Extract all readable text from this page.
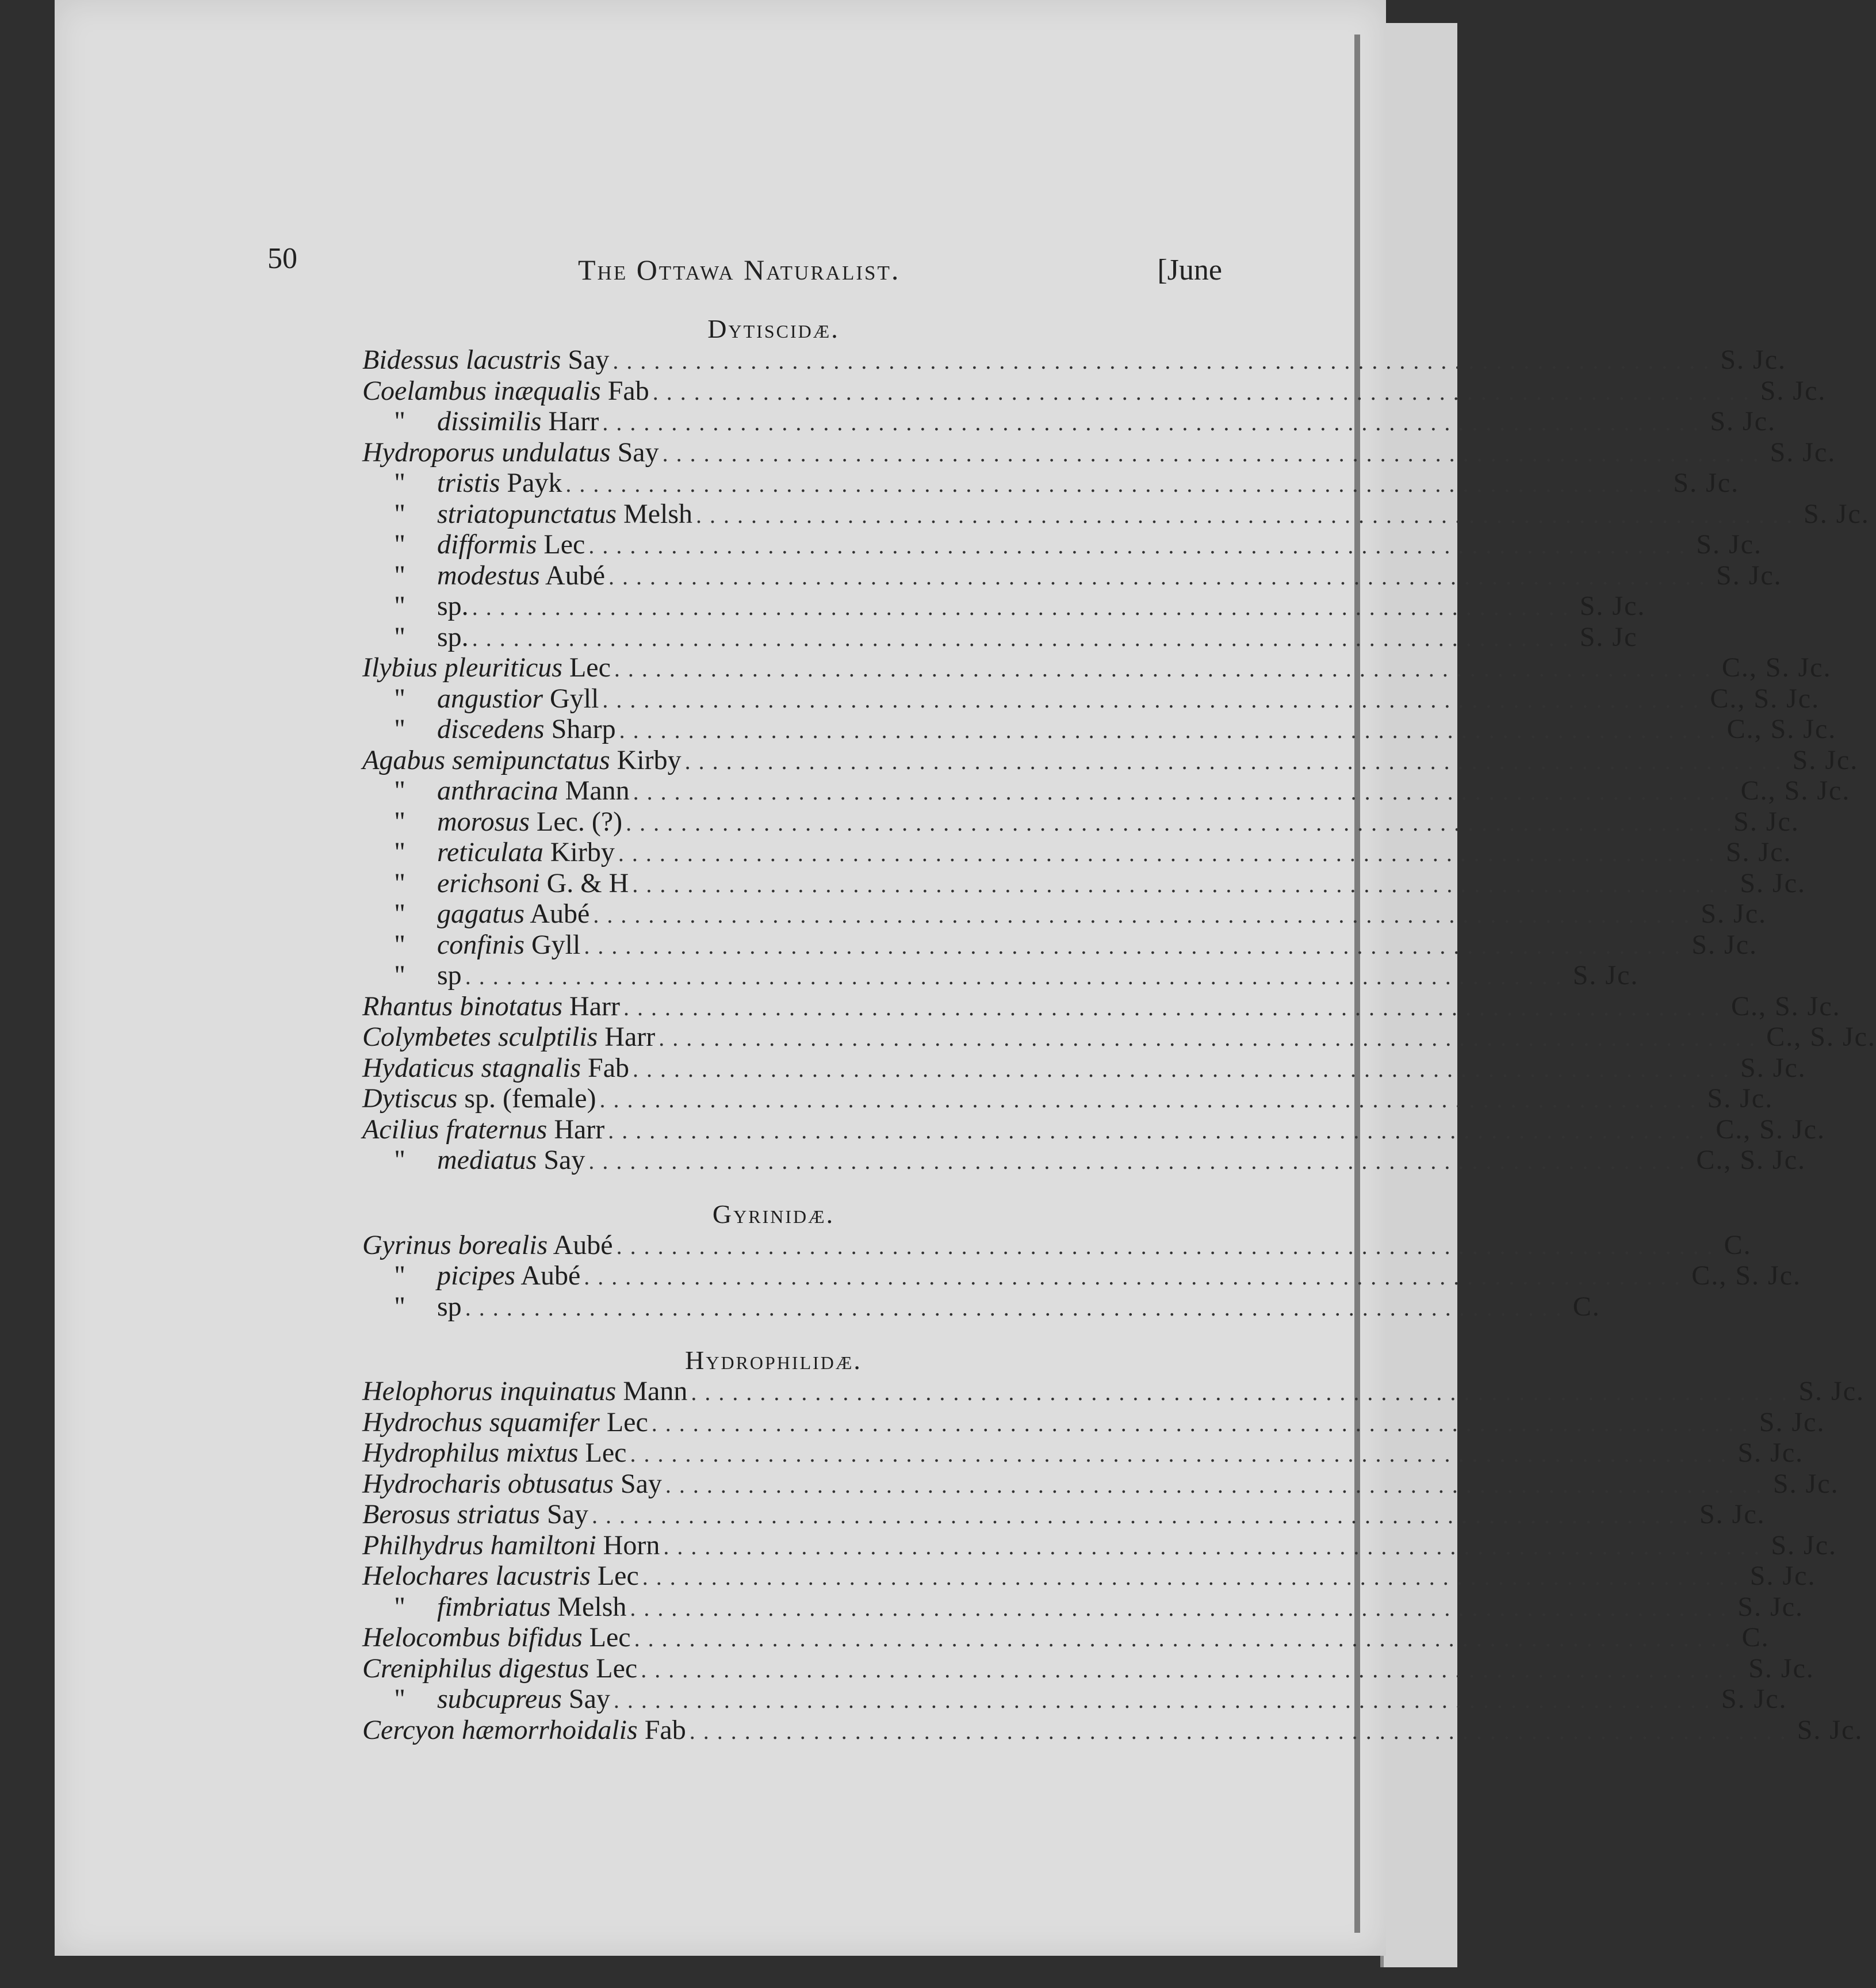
50	The Ottawa Naturalist.	[June
Dytiscidæ.
Bidessus lacustris Say ................................................................................ S. Jc.
Coelambus inæqualis Fab ................................................................................ S. Jc.
" dissimilis Harr ................................................................................ S. Jc.
Hydroporus undulatus Say ................................................................................ S. Jc.
" tristis Payk ................................................................................ S. Jc.
" striatopunctatus Melsh ................................................................................ S. Jc.
" difformis Lec ................................................................................ S. Jc.
" modestus Aubé ................................................................................ S. Jc.
" sp. ................................................................................ S. Jc.
" sp. ................................................................................ S. Jc
Ilybius pleuriticus Lec ................................................................................ C., S. Jc.
" angustior Gyll ................................................................................ C., S. Jc.
" discedens Sharp ................................................................................ C., S. Jc.
Agabus semipunctatus Kirby ................................................................................ S. Jc.
" anthracina Mann ................................................................................ C., S. Jc.
" morosus Lec. (?) ................................................................................ S. Jc.
" reticulata Kirby ................................................................................ S. Jc.
" erichsoni G. & H ................................................................................ S. Jc.
" gagatus Aubé ................................................................................ S. Jc.
" confinis Gyll ................................................................................ S. Jc.
" sp ................................................................................ S. Jc.
Rhantus binotatus Harr ................................................................................ C., S. Jc.
Colymbetes sculptilis Harr ................................................................................ C., S. Jc.
Hydaticus stagnalis Fab ................................................................................ S. Jc.
Dytiscus sp. (female) ................................................................................ S. Jc.
Acilius fraternus Harr ................................................................................ C., S. Jc.
" mediatus Say ................................................................................ C., S. Jc.
Gyrinidæ.
Gyrinus borealis Aubé ................................................................................ C.
" picipes Aubé ................................................................................ C., S. Jc.
" sp ................................................................................ C.
Hydrophilidæ.
Helophorus inquinatus Mann ................................................................................ S. Jc.
Hydrochus squamifer Lec ................................................................................ S. Jc.
Hydrophilus mixtus Lec ................................................................................ S. Jc.
Hydrocharis obtusatus Say ................................................................................ S. Jc.
Berosus striatus Say ................................................................................ S. Jc.
Philhydrus hamiltoni Horn ................................................................................ S. Jc.
Helochares lacustris Lec ................................................................................ S. Jc.
" fimbriatus Melsh ................................................................................ S. Jc.
Helocombus bifidus Lec ................................................................................ C.
Creniphilus digestus Lec ................................................................................ S. Jc.
" subcupreus Say ................................................................................ S. Jc.
Cercyon hæmorrhoidalis Fab ................................................................................ S. Jc.
